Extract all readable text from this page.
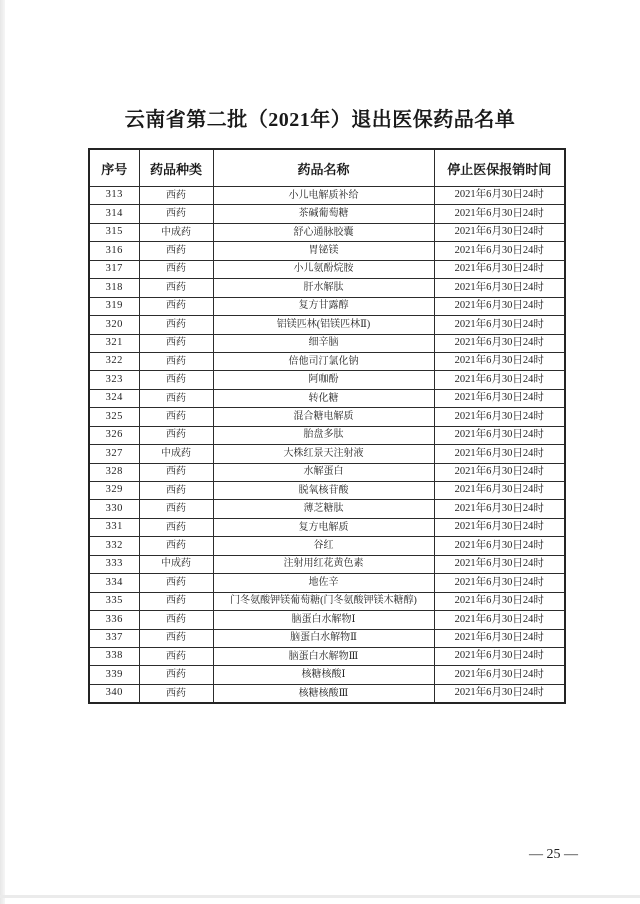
云南省第二批（2021年）退出医保药品名单
序号	药品种类	药品名称	停止医保报销时间
313	西药	小儿电解质补给	2021年6月30日24时
314	西药	茶碱葡萄糖	2021年6月30日24时
315	中成药	舒心通脉胶囊	2021年6月30日24时
316	西药	胃铋镁	2021年6月30日24时
317	西药	小儿氨酚烷胺	2021年6月30日24时
318	西药	肝水解肽	2021年6月30日24时
319	西药	复方甘露醇	2021年6月30日24时
320	西药	铝镁匹林(铝镁匹林Ⅱ)	2021年6月30日24时
321	西药	细辛脑	2021年6月30日24时
322	西药	倍他司汀氯化钠	2021年6月30日24时
323	西药	阿咖酚	2021年6月30日24时
324	西药	转化糖	2021年6月30日24时
325	西药	混合糖电解质	2021年6月30日24时
326	西药	胎盘多肽	2021年6月30日24时
327	中成药	大株红景天注射液	2021年6月30日24时
328	西药	水解蛋白	2021年6月30日24时
329	西药	脱氧核苷酸	2021年6月30日24时
330	西药	薄芝糖肽	2021年6月30日24时
331	西药	复方电解质	2021年6月30日24时
332	西药	谷红	2021年6月30日24时
333	中成药	注射用红花黄色素	2021年6月30日24时
334	西药	地佐辛	2021年6月30日24时
335	西药	门冬氨酸钾镁葡萄糖(门冬氨酸钾镁木糖醇)	2021年6月30日24时
336	西药	脑蛋白水解物Ⅰ	2021年6月30日24时
337	西药	脑蛋白水解物Ⅱ	2021年6月30日24时
338	西药	脑蛋白水解物Ⅲ	2021年6月30日24时
339	西药	核糖核酸Ⅰ	2021年6月30日24时
340	西药	核糖核酸Ⅲ	2021年6月30日24时
— 25 —
